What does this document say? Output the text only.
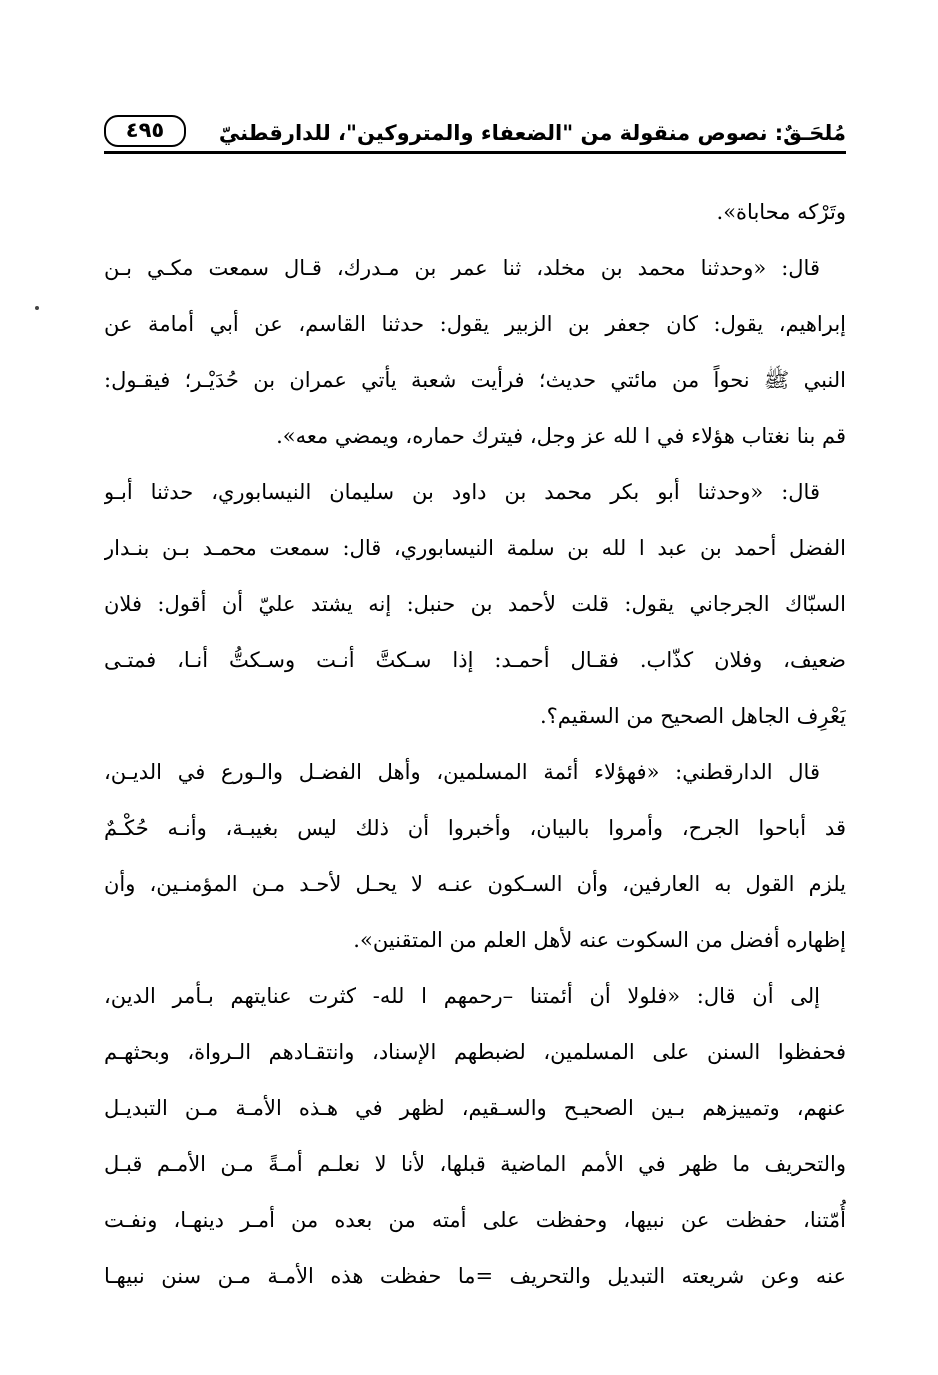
مُلحَـقٌ: نصوص منقولة من "الضعفاء والمتروكين"، للدارقطنيّ
٤٩٥
وتَرْكه محاباة».
قال: «وحدثنا محمد بن مخلد، ثنا عمر بن مـدرك، قـال سمعت مكـي بـن
إبراهيم، يقول: كان جعفر بن الزبير يقول: حدثنا القاسم، عن أبي أمامة عن
النبي ﷺ نحواً من مائتي حديث؛ فرأيت شعبة يأتي عمران بن حُدَيْـر؛ فيقـول:
قم بنا نغتاب هؤلاء في ا لله عز وجل، فيترك حماره، ويمضي معه».
قال: «وحدثنا أبو بكر محمد بن داود بن سليمان النيسابوري، حدثنا أبـو
الفضل أحمد بن عبد ا لله بن سلمة النيسابوري، قال: سمعت محمـد بـن بنـدار
السبّاك الجرجاني يقول: قلت لأحمد بن حنبل: إنه يشتد عليّ أن أقول: فلان
ضعيف، وفلان كذّاب. فقـال أحمـد: إذا سـكتَّ أنـت وسـكتُّ أنـا، فمتـى
يَعْرِف الجاهل الصحيح من السقيم؟.
قال الدارقطني: «فهؤلاء أئمة المسلمين، وأهل الفضـل والـورع في الديـن،
قد أباحوا الجرح، وأمروا بالبيان، وأخبروا أن ذلك ليس بغيبـة، وأنـه حُكْـمٌ
يلزم القول به العارفين، وأن السـكون عنـه لا يحـل لأحـد مـن المؤمنـين، وأن
إظهاره أفضل من السكوت عنه لأهل العلم من المتقنين».
إلى أن قال: «فلولا أن أئمتنا –رحمهم ا لله- كثرت عنايتهم بـأمر الدين،
فحفظوا السنن على المسلمين، لضبطهم الإسناد، وانتقـادهم الـرواة، وبحثهـم
عنهم، وتمييزهم بـين الصحيـح والسـقيم، لظهر في هـذه الأمـة مـن التبديـل
والتحريف ما ظهر في الأمم الماضية قبلها، لأنا لا نعلـم أمـةً مـن الأمـم قبـل
أُمّتنا، حفظت عن نبيها، وحفظت على أمته من بعده من أمـر دينهـا، ونفـت
عنه وعن شريعته التبديل والتحريف =ما حفظت هذه الأمـة مـن سنن نبيهـا
